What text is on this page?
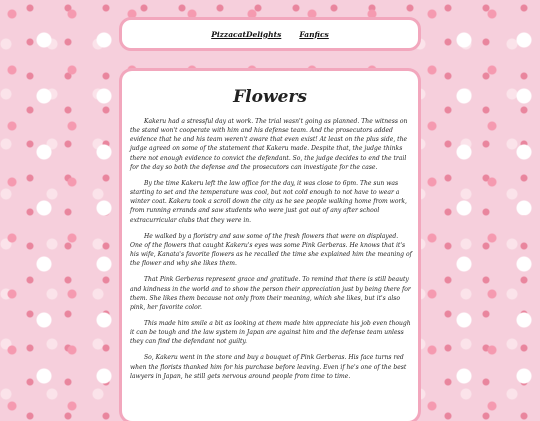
PizzacatDelights Fanfics
Flowers

Kakeru had a stressful day at work. The trial wasn't going as planned. The witness on the stand won't cooperate with him and his defense team. And the prosecutors added evidence that he and his team weren't aware that even exist! At least on the plus side, the judge agreed on some of the statement that Kakeru made. Despite that, the judge thinks there not enough evidence to convict the defendant. So, the judge decides to end the trail for the day so both the defense and the prosecutors can investigate for the case.

By the time Kakeru left the law office for the day, it was close to 6pm. The sun was starting to set and the temperature was cool, but not cold enough to not have to wear a winter coat. Kakeru took a scroll down the city as he see people walking home from work, from running errands and saw students who were just got out of any after school extracurricular clubs that they were in.

He walked by a floristry and saw some of the fresh flowers that were on displayed. One of the flowers that caught Kakeru's eyes was some Pink Gerberas. He knows that it's his wife, Kanata's favorite flowers as he recalled the time she explained him the meaning of the flower and why she likes them.

That Pink Gerberas represent grace and gratitude. To remind that there is still beauty and kindness in the world and to show the person their appreciation just by being there for them. She likes them because not only from their meaning, which she likes, but it's also pink, her favorite color.

This made him smile a bit as looking at them made him appreciate his job even though it can be tough and the law system in Japan are against him and the defense team unless they can find the defendant not guilty.

So, Kakeru went in the store and buy a bouquet of Pink Gerberas. His face turns red when the florists thanked him for his purchase before leaving. Even if he's one of the best lawyers in Japan, he still gets nervous around people from time to time.
